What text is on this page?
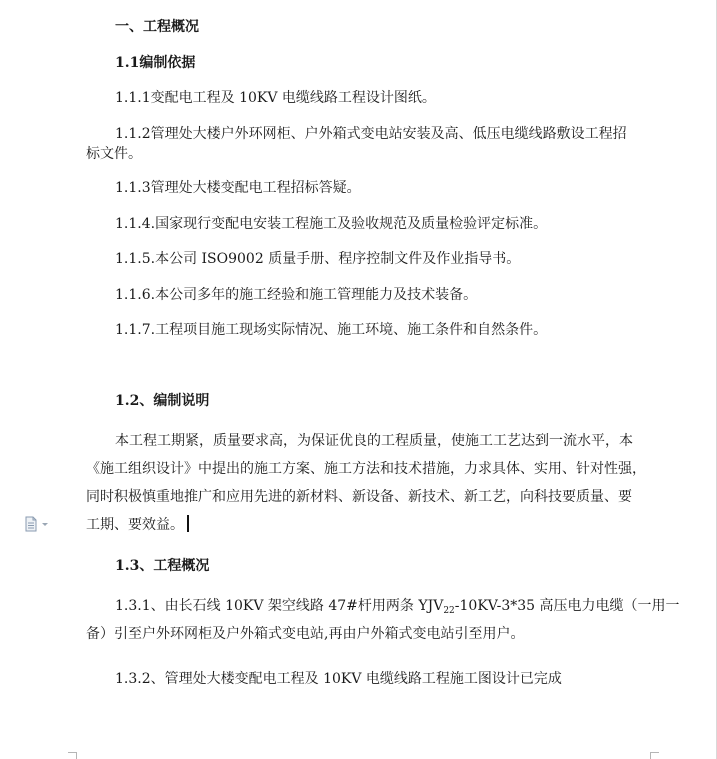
一、工程概况
1.1编制依据
1.1.1变配电工程及 10KV 电缆线路工程设计图纸。
1.1.2管理处大楼户外环网柜、户外箱式变电站安装及高、低压电缆线路敷设工程招
标文件。
1.1.3管理处大楼变配电工程招标答疑。
1.1.4.国家现行变配电安装工程施工及验收规范及质量检验评定标准。
1.1.5.本公司 ISO9002 质量手册、程序控制文件及作业指导书。
1.1.6.本公司多年的施工经验和施工管理能力及技术装备。
1.1.7.工程项目施工现场实际情况、施工环境、施工条件和自然条件。
1.2、编制说明
本工程工期紧，质量要求高，为保证优良的工程质量，使施工工艺达到一流水平，本
《施工组织设计》中提出的施工方案、施工方法和技术措施，力求具体、实用、针对性强，
同时积极慎重地推广和应用先进的新材料、新设备、新技术、新工艺，向科技要质量、要
工期、要效益。
1.3、工程概况
1.3.1、由长石线 10KV 架空线路 47#杆用两条 $YJV_{22}-10KV-3*35$ 高压电力电缆（一用一
备）引至户外环网柜及户外箱式变电站,再由户外箱式变电站引至用户。
1.3.2、管理处大楼变配电工程及 10KV 电缆线路工程施工图设计已完成
